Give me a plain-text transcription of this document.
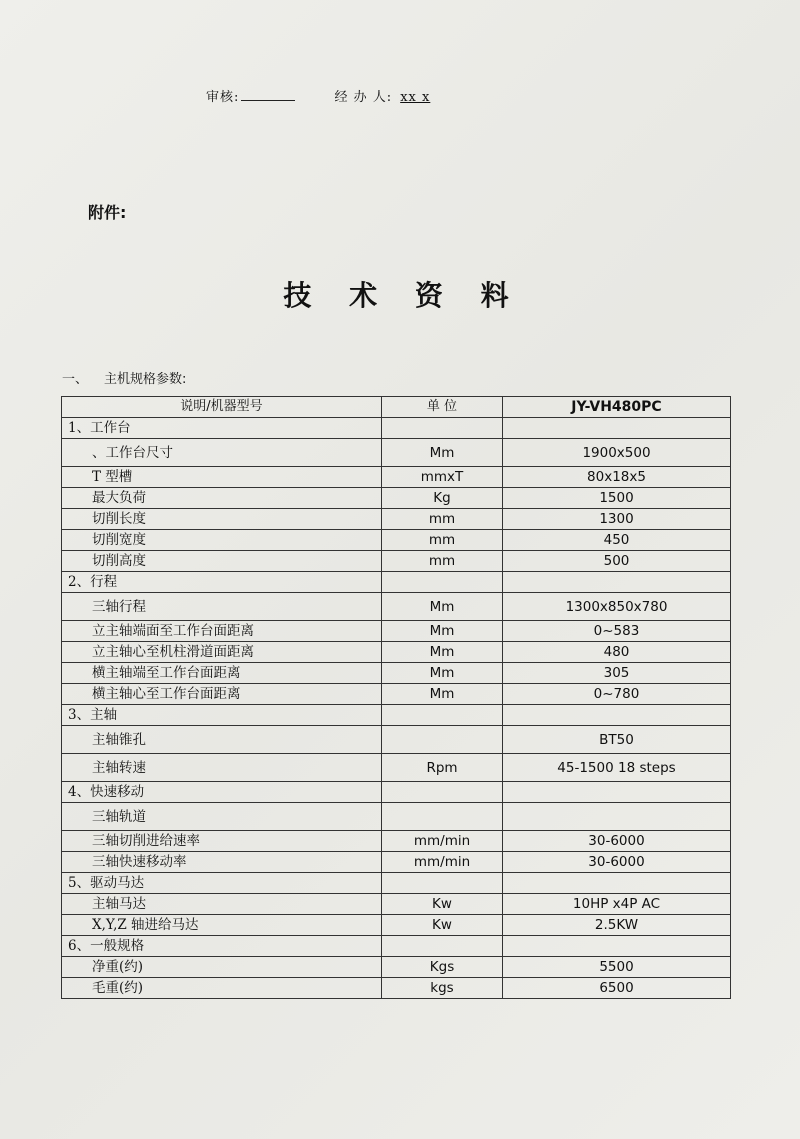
审核:	经 办 人: xx x
附件:
技 术 资 料
一、 主机规格参数:
说明/机器型号	单 位	JY-VH480PC
1、工作台		
、工作台尺寸	Mm	1900x500
T 型槽	mmxT	80x18x5
最大负荷	Kg	1500
切削长度	mm	1300
切削宽度	mm	450
切削高度	mm	500
2、行程		
三轴行程	Mm	1300x850x780
立主轴端面至工作台面距离	Mm	0~583
立主轴心至机柱滑道面距离	Mm	480
横主轴端至工作台面距离	Mm	305
横主轴心至工作台面距离	Mm	0~780
3、主轴		
主轴锥孔		BT50
主轴转速	Rpm	45-1500 18 steps
4、快速移动		
三轴轨道		
三轴切削进给速率	mm/min	30-6000
三轴快速移动率	mm/min	30-6000
5、驱动马达		
主轴马达	Kw	10HP x4P AC
X,Y,Z 轴进给马达	Kw	2.5KW
6、一般规格		
净重(约)	Kgs	5500
毛重(约)	kgs	6500
